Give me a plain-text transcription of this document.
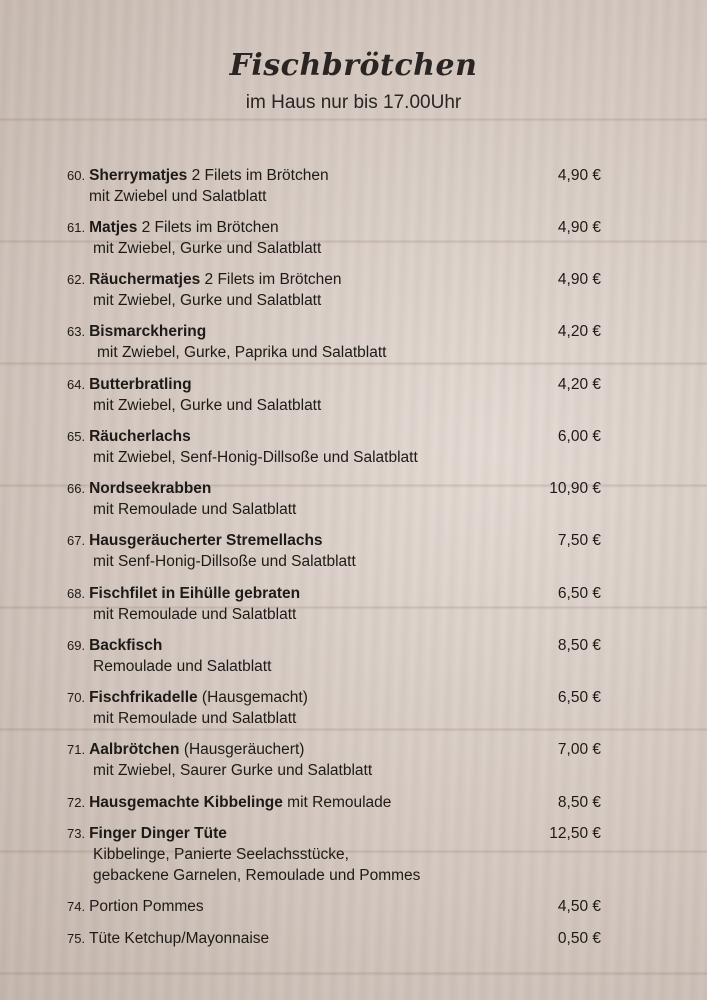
Fischbrötchen
im Haus nur bis 17.00Uhr
60. Sherrymatjes 2 Filets im Brötchen	4,90 €
mit Zwiebel und Salatblatt
61. Matjes 2 Filets im Brötchen	4,90 €
mit Zwiebel, Gurke und Salatblatt
62. Räuchermatjes 2 Filets im Brötchen	4,90 €
mit Zwiebel, Gurke und Salatblatt
63. Bismarckhering	4,20 €
mit Zwiebel, Gurke, Paprika und Salatblatt
64. Butterbratling	4,20 €
mit Zwiebel, Gurke und Salatblatt
65. Räucherlachs	6,00 €
mit Zwiebel, Senf-Honig-Dillsoße und Salatblatt
66. Nordseekrabben	10,90 €
mit Remoulade und Salatblatt
67. Hausgeräucherter Stremellachs	7,50 €
mit Senf-Honig-Dillsoße und Salatblatt
68. Fischfilet in Eihülle gebraten	6,50 €
mit Remoulade und Salatblatt
69. Backfisch	8,50 €
Remoulade und Salatblatt
70. Fischfrikadelle (Hausgemacht)	6,50 €
mit Remoulade und Salatblatt
71. Aalbrötchen (Hausgeräuchert)	7,00 €
mit Zwiebel, Saurer Gurke und Salatblatt
72. Hausgemachte Kibbelinge mit Remoulade	8,50 €
73. Finger Dinger Tüte	12,50 €
Kibbelinge, Panierte Seelachsstücke,
gebackene Garnelen, Remoulade und Pommes
74. Portion Pommes	4,50 €
75. Tüte Ketchup/Mayonnaise	0,50 €
